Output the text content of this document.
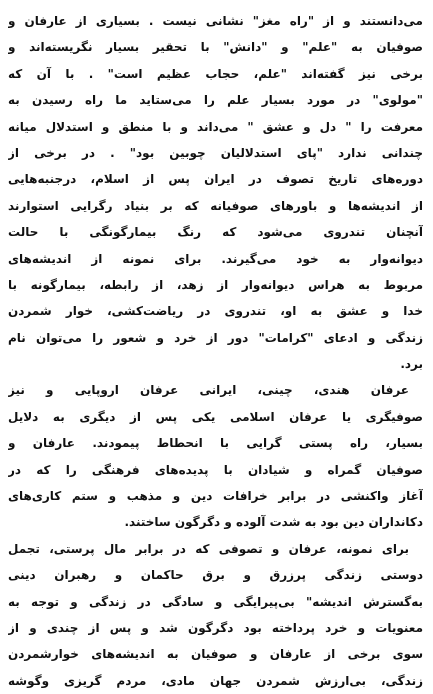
می‌دانستند و از "راه مغز" نشانی نیست . بسیاری از عارفان و
صوفیان به "علم" و "دانش" با تحقیر بسیار نگریسته‌اند و
برخی نیز گفته‌اند "علم، حجاب عظیم است" . با آن که
"مولوی" در مورد بسیار علم را می‌ستاید ما راه رسیدن به
معرفت را " دل و عشق " می‌داند و با منطق و استدلال میانه
چندانی ندارد "پای استدلالیان چوبین بود" . در برخی از
دوره‌های تاریخ تصوف در ایران پس از اسلام، درجنبه‌هایی
از اندیشه‌ها و باورهای صوفیانه که بر بنیاد رگرایی استوارند
آنچنان تندروی می‌شود که رنگ بیمارگونگی با حالت
دیوانه‌وار به خود می‌گیرند. برای نمونه از اندیشه‌های
مربوط به هراس دیوانه‌وار از زهد، از رابطه، بیمارگونه با
خدا و عشق به او، تندروی در ریاضت‌کشی، خوار شمردن
زندگی و ادعای "کرامات" دور از خرد و شعور را می‌توان نام
برد.
عرفان هندی، چینی، ایرانی عرفان اروپایی و نیز
صوفیگری یا عرفان اسلامی یکی پس از دیگری به دلایل
بسیار، راه پستی گرایی با انحطاط پیمودند. عارفان و
صوفیان گمراه و شیادان با پدیده‌های فرهنگی را که در
آغاز واکنشی در برابر خرافات دین و مذهب و ستم کاری‌های
دکانداران دین بود به شدت آلوده و دگرگون ساختند.
برای نمونه، عرفان و تصوفی که در برابر مال پرستی، تجمل‌
دوستی زندگی پرزرق و برق حاکمان و رهبران دینی
به‌گسترش اندیشه" بی‌پیرایگی و سادگی در زندگی و توجه به
معنویات و خرد پرداخته بود دگرگون شد و پس از چندی و از
سوی برخی از عارفان و صوفیان به اندیشه‌های خوارشمردن
زندگی، بی‌ارزش شمردن جهان مادی، مردم گریزی وگوشه
